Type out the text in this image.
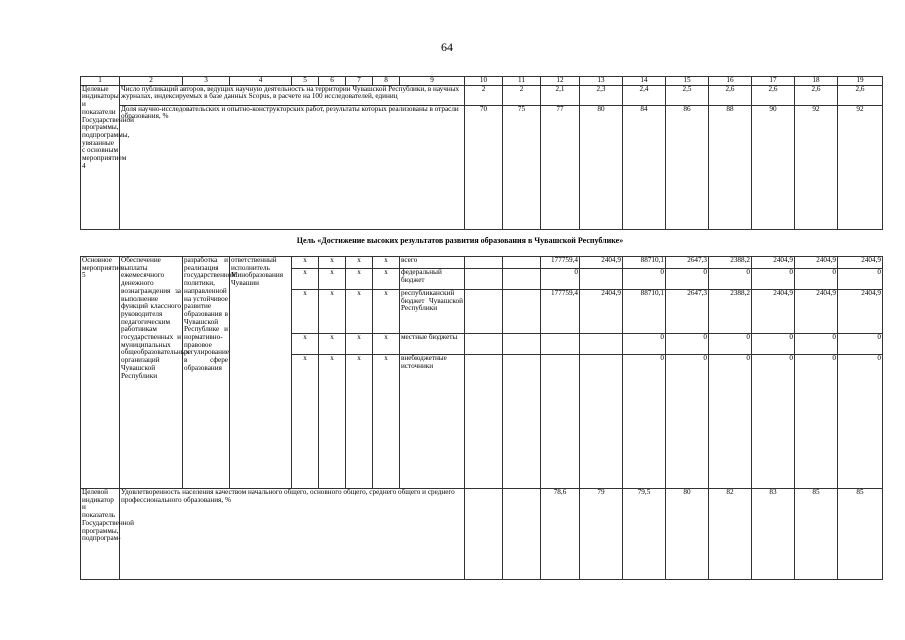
64
1	2	3	4	5	6	7	8	9	10	11	12	13	14	15	16	17	18	19
Целевые индикаторы и показатели Государственной программы, подпрограммы, увязанные с основным мероприятием 4	Число публикаций авторов, ведущих научную деятельность на территории Чувашской Республики, в научных журналах, индексируемых в базе данных Scopus, в расчете на 100 исследователей, единиц								2	2	2,1	2,3	2,4	2,5	2,6	2,6	2,6	2,6
	Доля научно-исследовательских и опытно-конструкторских работ, результаты которых реализованы в отрасли образования, %								70	75	77	80	84	86	88	90	92	92
Цель «Достижение высоких результатов развития образования в Чувашской Республике»
Основное мероприятие 5	Обеспечение выплаты ежемесячного денежного вознаграждения за выполнение функций классного руководителя педагогическим работникам государственных и муниципальных общеобразовательных организаций Чувашской Республики	разработка и реализация государственной политики, направленной на устойчивое развитие образования в Чувашской Республике и нормативно-правовое регулирование в сфере образования	ответственный исполнитель Минобразования Чувашии	x	x	x	x	всего			177759,4	2404,9	88710,1	2647,3	2388,2	2404,9	2404,9	2404,9
				x	x	x	x	федеральный бюджет			0		0	0	0	0	0	0
				x	x	x	x	республиканский бюджет Чувашской Республики			177759,4	2404,9	88710,1	2647,3	2388,2	2404,9	2404,9	2404,9
				x	x	x	x	местные бюджеты					0	0	0	0	0	0
				x	x	x	x	внебюджетные источники					0	0	0	0	0	0
Целевой индикатор и показатель Государственной программы, подпрограм-	Удовлетворенность населения качеством начального общего, основного общего, среднего общего и среднего профессионального образования, %										78,6	79	79,5	80	82	83	85	85
